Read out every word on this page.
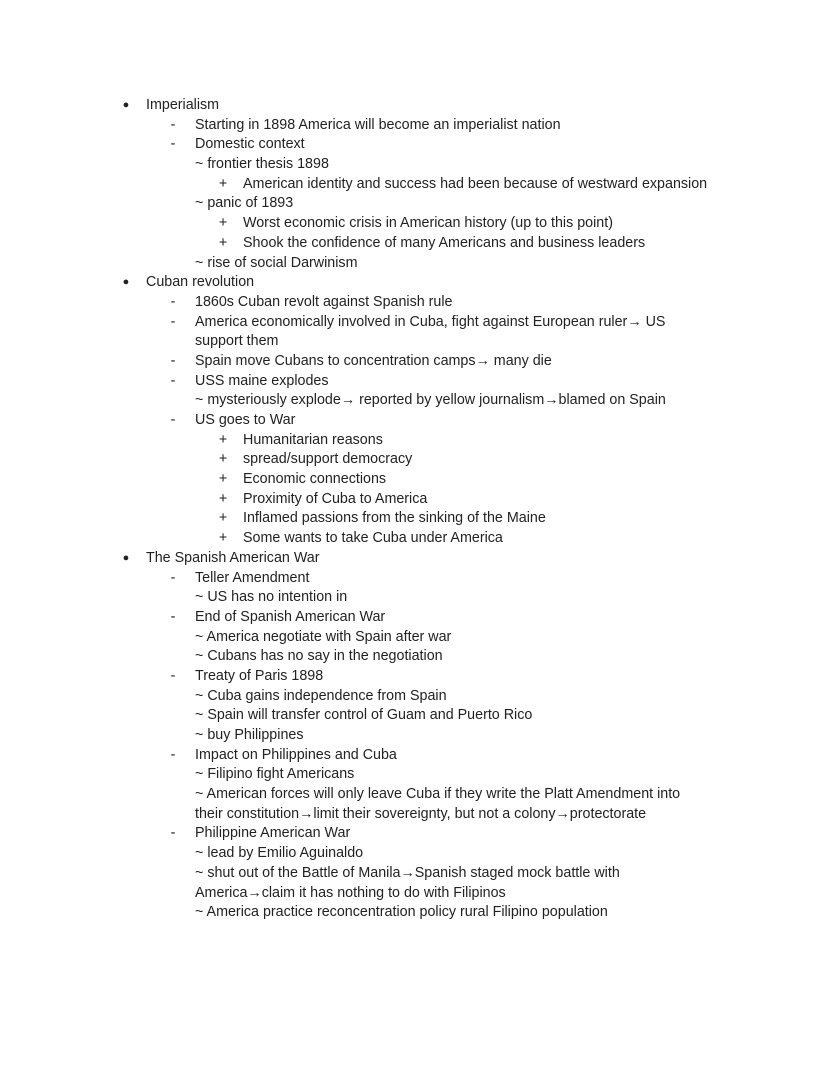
● Imperialism
- Starting in 1898 America will become an imperialist nation
- Domestic context
~ frontier thesis 1898
+ American identity and success had been because of westward expansion
~ panic of 1893
+ Worst economic crisis in American history (up to this point)
+ Shook the confidence of many Americans and business leaders
~ rise of social Darwinism
● Cuban revolution
- 1860s Cuban revolt against Spanish rule
- America economically involved in Cuba, fight against European ruler→ US
support them
- Spain move Cubans to concentration camps→ many die
- USS maine explodes
~ mysteriously explode→ reported by yellow journalism→blamed on Spain
- US goes to War
+ Humanitarian reasons
+ spread/support democracy
+ Economic connections
+ Proximity of Cuba to America
+ Inflamed passions from the sinking of the Maine
+ Some wants to take Cuba under America
● The Spanish American War
- Teller Amendment
~ US has no intention in
- End of Spanish American War
~ America negotiate with Spain after war
~ Cubans has no say in the negotiation
- Treaty of Paris 1898
~ Cuba gains independence from Spain
~ Spain will transfer control of Guam and Puerto Rico
~ buy Philippines
- Impact on Philippines and Cuba
~ Filipino fight Americans
~ American forces will only leave Cuba if they write the Platt Amendment into
their constitution→limit their sovereignty, but not a colony→protectorate
- Philippine American War
~ lead by Emilio Aguinaldo
~ shut out of the Battle of Manila→Spanish staged mock battle with
America→claim it has nothing to do with Filipinos
~ America practice reconcentration policy rural Filipino population
